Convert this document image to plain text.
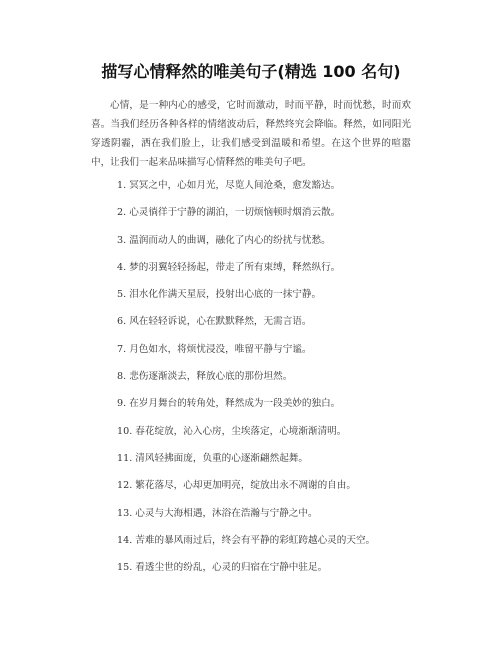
描写心情释然的唯美句子(精选 100 名句)

心情，是一种内心的感受，它时而激动，时而平静，时而忧愁，时而欢喜。当我们经历各种各样的情绪波动后，释然终究会降临。释然，如同阳光穿透阴霾，洒在我们脸上，让我们感受到温暖和希望。在这个世界的喧嚣中，让我们一起来品味描写心情释然的唯美句子吧。

1. 冥冥之中，心如月光，尽览人间沧桑，愈发豁达。
2. 心灵徜徉于宁静的湖泊，一切烦恼顿时烟消云散。
3. 温润而动人的曲调，融化了内心的纷扰与忧愁。
4. 梦的羽翼轻轻扬起，带走了所有束缚，释然纵行。
5. 泪水化作满天星辰，投射出心底的一抹宁静。
6. 风在轻轻诉说，心在默默释然，无需言语。
7. 月色如水，将烦忧浸没，唯留平静与宁谧。
8. 悲伤逐渐淡去，释放心底的那份坦然。
9. 在岁月舞台的转角处，释然成为一段美妙的独白。
10. 春花绽放，沁入心房，尘埃落定，心境渐渐清明。
11. 清风轻拂面庞，负重的心逐渐翩然起舞。
12. 繁花落尽，心却更加明亮，绽放出永不凋谢的自由。
13. 心灵与大海相遇，沐浴在浩瀚与宁静之中。
14. 苦难的暴风雨过后，终会有平静的彩虹跨越心灵的天空。
15. 看透尘世的纷乱，心灵的归宿在宁静中驻足。
